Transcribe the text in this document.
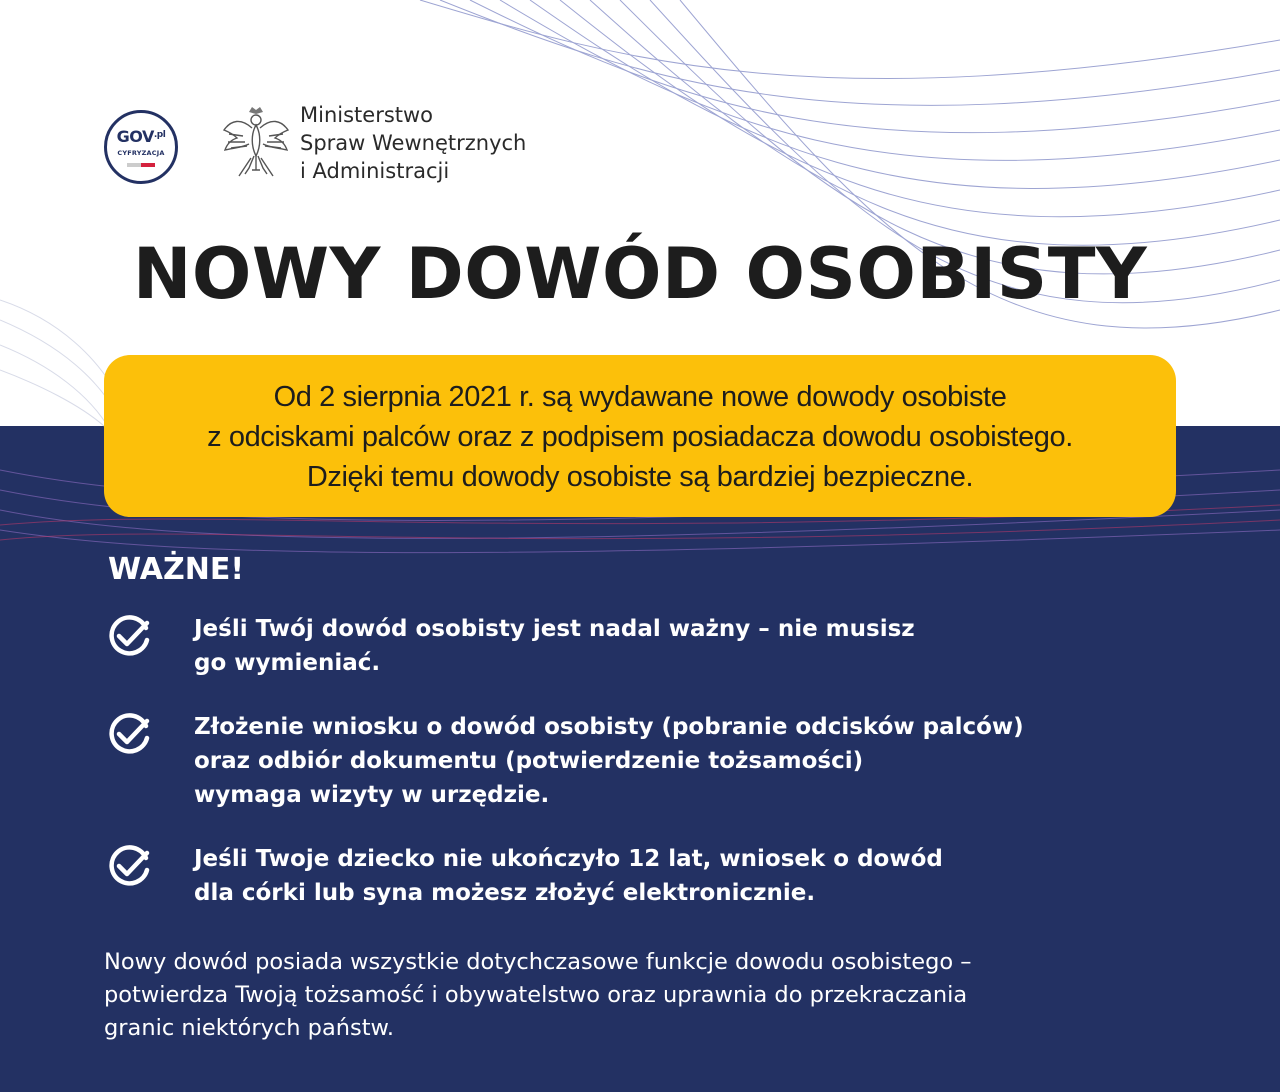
$GOV^{.pl}$
CYFRYZACJA
Ministerstwo
Spraw Wewnętrznych
i Administracji
NOWY DOWÓD OSOBISTY
Od 2 sierpnia 2021 r. są wydawane nowe dowody osobiste
z odciskami palców oraz z podpisem posiadacza dowodu osobistego.
Dzięki temu dowody osobiste są bardziej bezpieczne.
WAŻNE!
Jeśli Twój dowód osobisty jest nadal ważny – nie musisz
go wymieniać.
Złożenie wniosku o dowód osobisty (pobranie odcisków palców)
oraz odbiór dokumentu (potwierdzenie tożsamości)
wymaga wizyty w urzędzie.
Jeśli Twoje dziecko nie ukończyło 12 lat, wniosek o dowód
dla córki lub syna możesz złożyć elektronicznie.
Nowy dowód posiada wszystkie dotychczasowe funkcje dowodu osobistego –
potwierdza Twoją tożsamość i obywatelstwo oraz uprawnia do przekraczania
granic niektórych państw.
